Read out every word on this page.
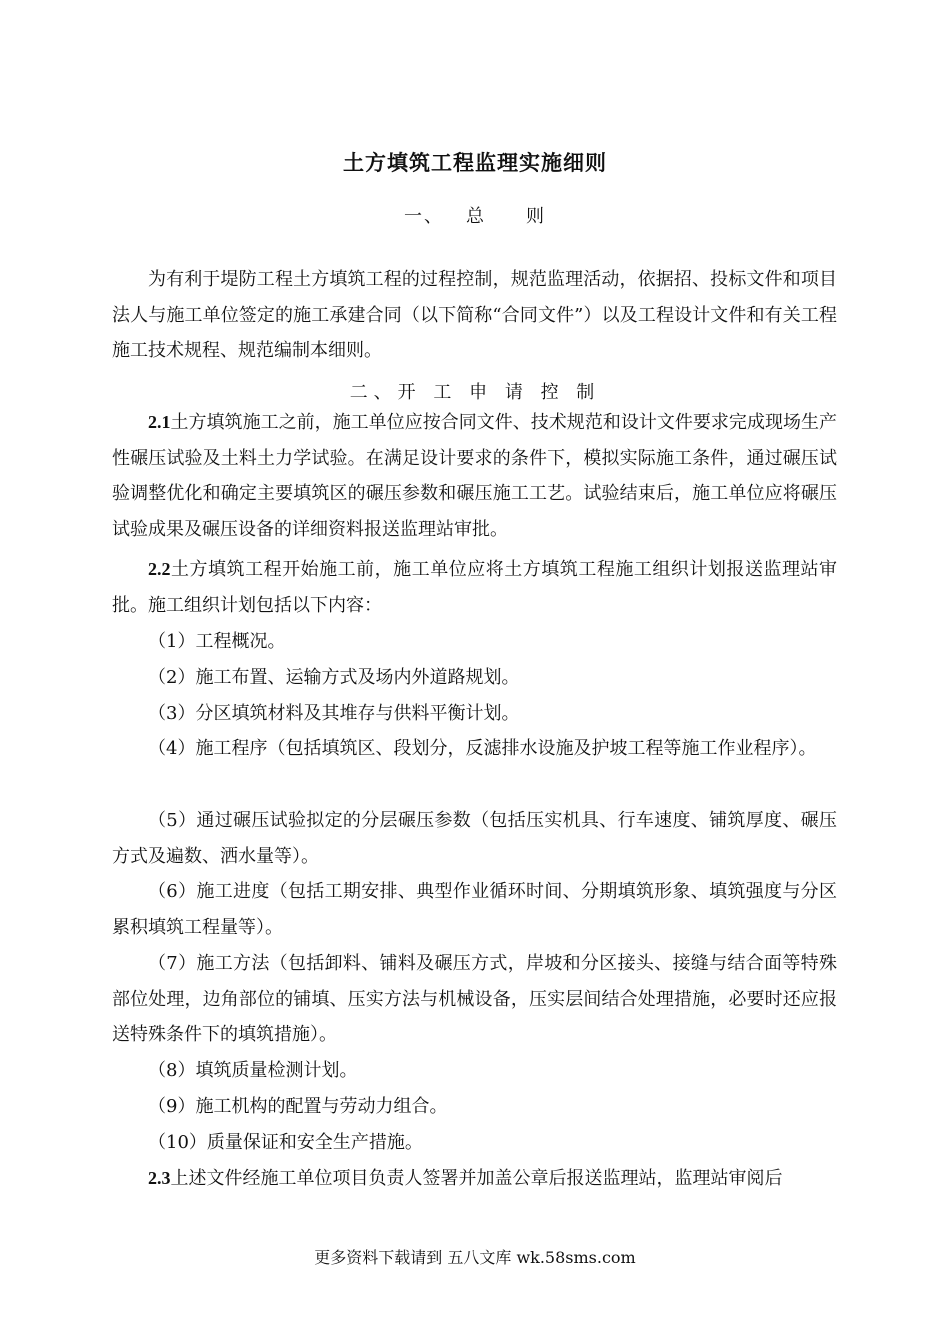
土方填筑工程监理实施细则
一、 总 则

为有利于堤防工程土方填筑工程的过程控制，规范监理活动，依据招、投标文件和项目法人与施工单位签定的施工承建合同（以下简称“合同文件”）以及工程设计文件和有关工程施工技术规程、规范编制本细则。

二、开 工 申 请 控 制

2.1土方填筑施工之前，施工单位应按合同文件、技术规范和设计文件要求完成现场生产性碾压试验及土料土力学试验。在满足设计要求的条件下，模拟实际施工条件，通过碾压试验调整优化和确定主要填筑区的碾压参数和碾压施工工艺。试验结束后，施工单位应将碾压试验成果及碾压设备的详细资料报送监理站审批。

2.2土方填筑工程开始施工前，施工单位应将土方填筑工程施工组织计划报送监理站审批。施工组织计划包括以下内容：

（1）工程概况。

（2）施工布置、运输方式及场内外道路规划。

（3）分区填筑材料及其堆存与供料平衡计划。

（4）施工程序（包括填筑区、段划分，反滤排水设施及护坡工程等施工作业程序）。

（5）通过碾压试验拟定的分层碾压参数（包括压实机具、行车速度、铺筑厚度、碾压方式及遍数、洒水量等）。

（6）施工进度（包括工期安排、典型作业循环时间、分期填筑形象、填筑强度与分区累积填筑工程量等）。

（7）施工方法（包括卸料、铺料及碾压方式，岸坡和分区接头、接缝与结合面等特殊部位处理，边角部位的铺填、压实方法与机械设备，压实层间结合处理措施，必要时还应报送特殊条件下的填筑措施）。

（8）填筑质量检测计划。

（9）施工机构的配置与劳动力组合。

（10）质量保证和安全生产措施。

2.3上述文件经施工单位项目负责人签署并加盖公章后报送监理站，监理站审阅后

更多资料下载请到 五八文库 wk.58sms.com
